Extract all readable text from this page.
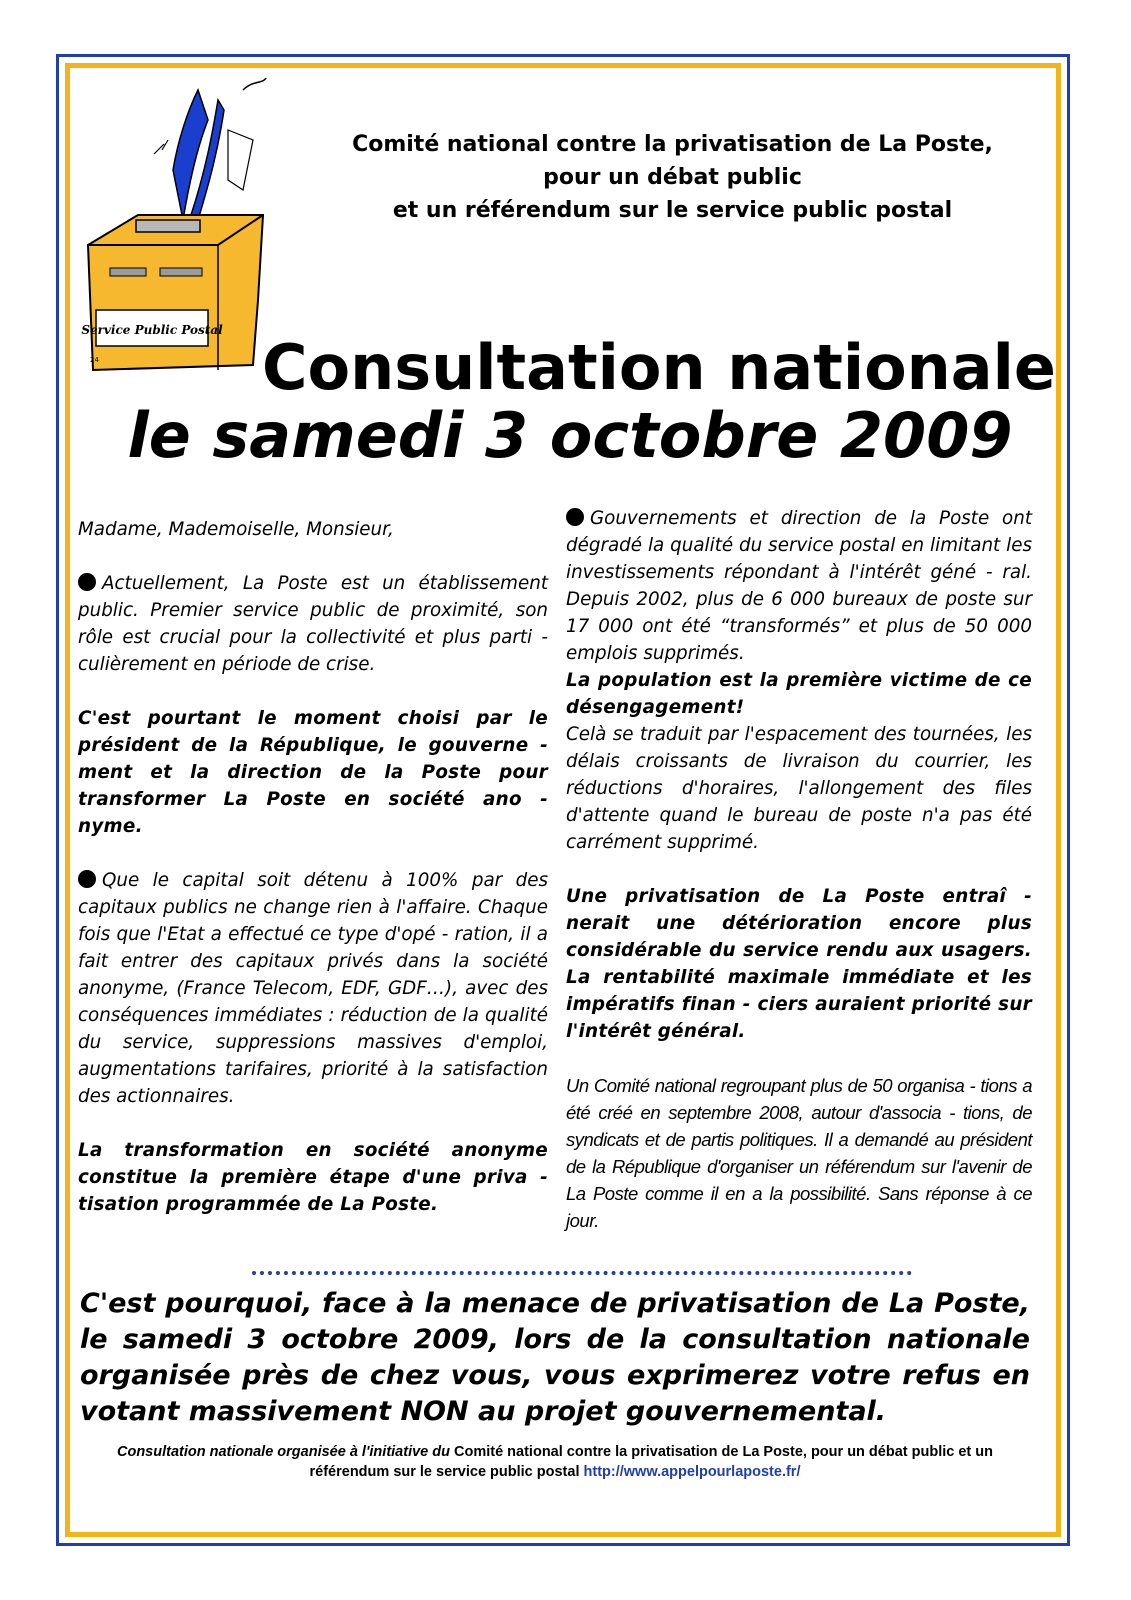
Service Public Postal
24
Comité national contre la privatisation de La Poste,
pour un débat public
et un référendum sur le service public postal
Consultation nationale
le samedi 3 octobre 2009

Madame, Mademoiselle, Monsieur,

Actuellement, La Poste est un établissement public. Premier service public de proximité, son rôle est crucial pour la collectivité et plus parti - culièrement en période de crise.

C'est pourtant le moment choisi par le président de la République, le gouverne - ment et la direction de la Poste pour transformer La Poste en société ano - nyme.

Que le capital soit détenu à 100% par des capitaux publics ne change rien à l'affaire. Chaque fois que l'Etat a effectué ce type d'opé - ration, il a fait entrer des capitaux privés dans la société anonyme, (France Telecom, EDF, GDF…), avec des conséquences immédiates : réduction de la qualité du service, suppressions massives d'emploi, augmentations tarifaires, priorité à la satisfaction des actionnaires.

La transformation en société anonyme constitue la première étape d'une priva - tisation programmée de La Poste.

Gouvernements et direction de la Poste ont dégradé la qualité du service postal en limitant les investissements répondant à l'intérêt géné - ral. Depuis 2002, plus de 6 000 bureaux de poste sur 17 000 ont été “transformés” et plus de 50 000 emplois supprimés.

La population est la première victime de ce désengagement!

Celà se traduit par l'espacement des tournées, les délais croissants de livraison du courrier, les réductions d'horaires, l'allongement des files d'attente quand le bureau de poste n'a pas été carrément supprimé.

Une privatisation de La Poste entraî - nerait une détérioration encore plus considérable du service rendu aux usagers. La rentabilité maximale immédiate et les impératifs finan - ciers auraient priorité sur l'intérêt général.

Un Comité national regroupant plus de 50 organisa - tions a été créé en septembre 2008, autour d'associa - tions, de syndicats et de partis politiques. Il a demandé au président de la République d'organiser un référendum sur l'avenir de La Poste comme il en a la possibilité. Sans réponse à ce jour.

C'est pourquoi, face à la menace de privatisation de La Poste, le samedi 3 octobre 2009, lors de la consultation nationale organisée près de chez vous, vous exprimerez votre refus en votant massivement NON au projet gouvernemental.
Consultation nationale organisée à l'initiative du Comité national contre la privatisation de La Poste, pour un débat public et un référendum sur le service public postal http://www.appelpourlaposte.fr/
